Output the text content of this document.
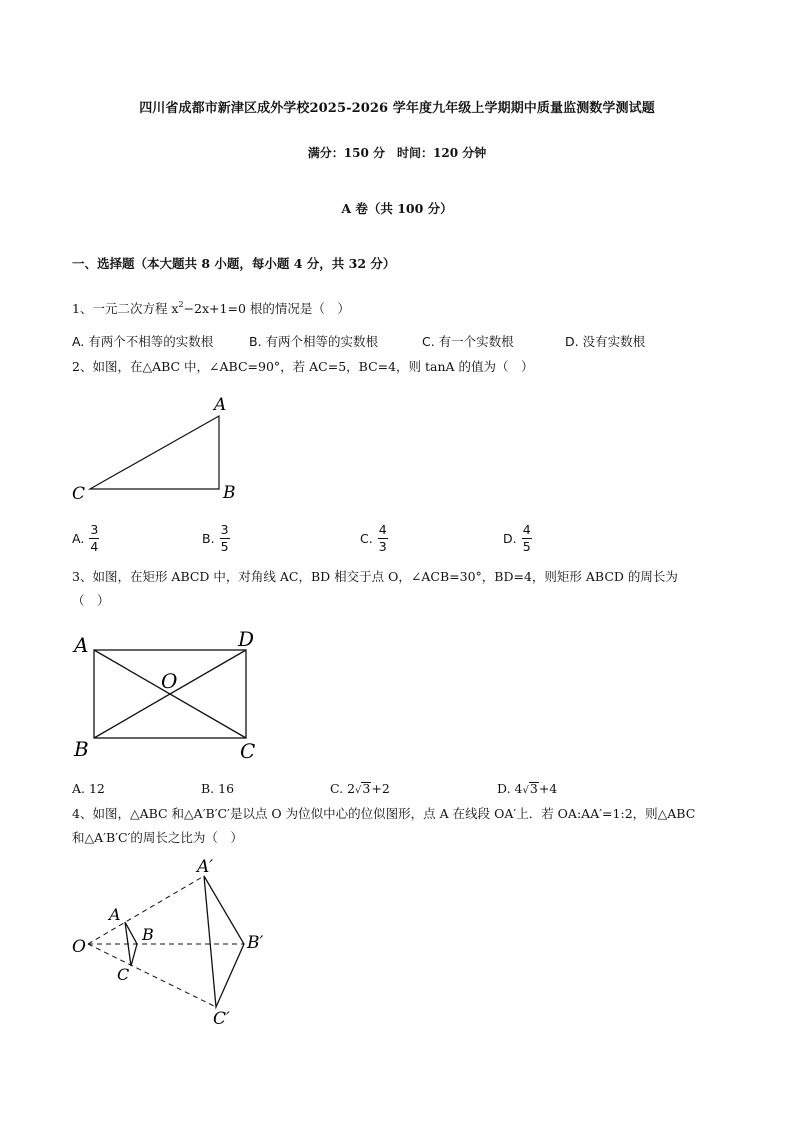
四川省成都市新津区成外学校2025-2026 学年度九年级上学期期中质量监测数学测试题
满分：150 分　时间：120 分钟
A 卷（共 100 分）
一、选择题（本大题共 8 小题，每小题 4 分，共 32 分）
1、一元二次方程 $x^2-2x+1=0$ 根的情况是（　）
A. 有两个不相等的实数根	B. 有两个相等的实数根	C. 有一个实数根	D. 没有实数根
2、如图，在△ABC 中，∠ABC=90°，若 AC=5，BC=4，则 tanA 的值为（　）
A
B
C
A. $\frac{3}{4}$	B. $\frac{3}{5}$	C. $\frac{4}{3}$	D. $\frac{4}{5}$
3、如图，在矩形 ABCD 中，对角线 AC，BD 相交于点 O，∠ACB=30°，BD=4，则矩形 ABCD 的周长为
（　）
A	D
O
B	C
A. 12	B. 16	C. 2√3+2	D. 4√3+4
4、如图，△ABC 和△A′B′C′是以点 O 为位似中心的位似图形，点 A 在线段 OA′上．若 OA:AA′=1:2，则△ABC
和△A′B′C′的周长之比为（　）
O
A
B
C
A′
B′
C′
